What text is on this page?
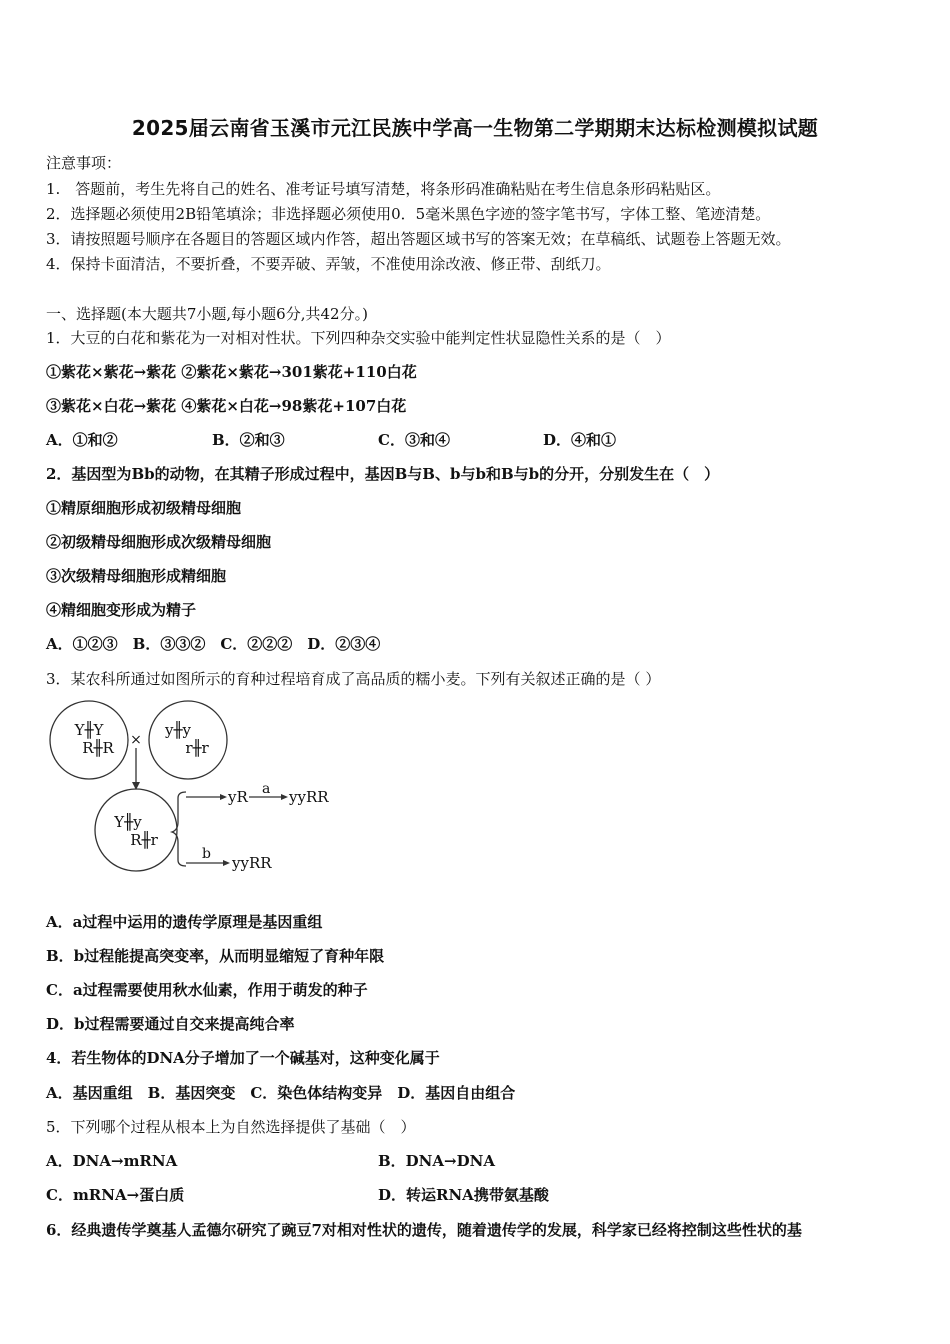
2025届云南省玉溪市元江民族中学高一生物第二学期期末达标检测模拟试题
注意事项：
1.　答题前，考生先将自己的姓名、准考证号填写清楚，将条形码准确粘贴在考生信息条形码粘贴区。
2．选择题必须使用2B铅笔填涂；非选择题必须使用0．5毫米黑色字迹的签字笔书写，字体工整、笔迹清楚。
3．请按照题号顺序在各题目的答题区域内作答，超出答题区域书写的答案无效；在草稿纸、试题卷上答题无效。
4．保持卡面清洁，不要折叠，不要弄破、弄皱，不准使用涂改液、修正带、刮纸刀。
一、选择题(本大题共7小题,每小题6分,共42分。)
1．大豆的白花和紫花为一对相对性状。下列四种杂交实验中能判定性状显隐性关系的是（　）
①紫花×紫花→紫花 ②紫花×紫花→301紫花+110白花
③紫花×白花→紫花 ④紫花×白花→98紫花+107白花
A．①和②	B．②和③	C．③和④	D．④和①
2．基因型为Bb的动物，在其精子形成过程中，基因B与B、b与b和B与b的分开，分别发生在（　）
①精原细胞形成初级精母细胞
②初级精母细胞形成次级精母细胞
③次级精母细胞形成精细胞
④精细胞变形成为精子
A．①②③　B．③③②　C．②②②　D．②③④
3．某农科所通过如图所示的育种过程培育成了高品质的糯小麦。下列有关叙述正确的是（ ）
Y╫Y
R╫R ×
y╫y
r╫r
Y╫y
R╫r
yR a yyRR
b yyRR
A．a过程中运用的遗传学原理是基因重组
B．b过程能提高突变率，从而明显缩短了育种年限
C．a过程需要使用秋水仙素，作用于萌发的种子
D．b过程需要通过自交来提高纯合率
4．若生物体的DNA分子增加了一个碱基对，这种变化属于
A．基因重组　B．基因突变　C．染色体结构变异　D．基因自由组合
5．下列哪个过程从根本上为自然选择提供了基础（　）
A．DNA→mRNA	B．DNA→DNA
C．mRNA→蛋白质	D．转运RNA携带氨基酸
6．经典遗传学奠基人孟德尔研究了豌豆7对相对性状的遗传，随着遗传学的发展，科学家已经将控制这些性状的基
